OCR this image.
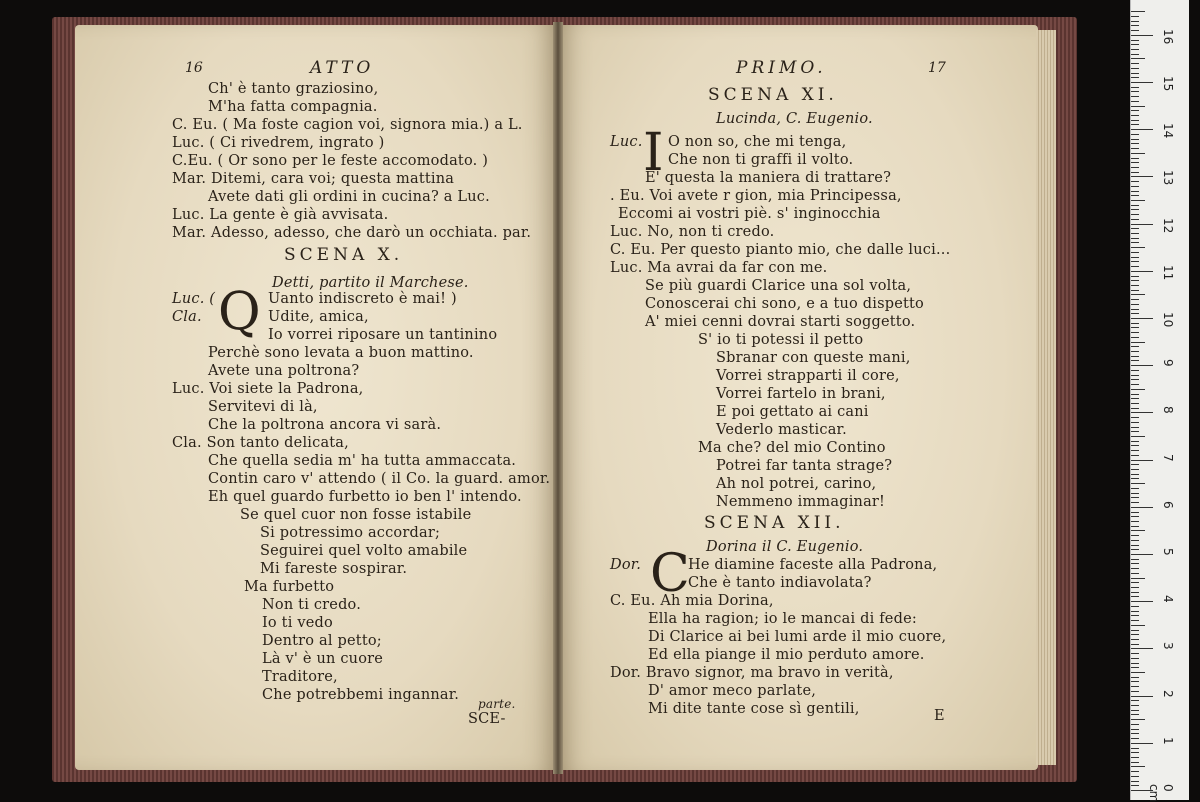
16	ATTO
Ch' è tanto graziosino,
M'ha fatta compagnia.
C. Eu. ( Ma foste cagion voi, signora mia.) a L.
Luc. ( Ci rivedrem, ingrato )
C.Eu. ( Or sono per le feste accomodato. )
Mar. Ditemi, cara voi; questa mattina
Avete dati gli ordini in cucina? a Luc.
Luc. La gente è già avvisata.
Mar. Adesso, adesso, che darò un occhiata. par.
SCENA X.
Detti, partito il Marchese.
Luc. ( Q Uanto indiscreto è mai! )
Cla.	Udite, amica,
Io vorrei riposare un tantinino
Perchè sono levata a buon mattino.
Avete una poltrona?
Luc. Voi siete la Padrona,
Servitevi di là,
Che la poltrona ancora vi sarà.
Cla. Son tanto delicata,
Che quella sedia m' ha tutta ammaccata.
Contin caro v' attendo ( il Co. la guard. amor.
Eh quel guardo furbetto io ben l' intendo.
Se quel cuor non fosse istabile
Si potressimo accordar;
Seguirei quel volto amabile
Mi fareste sospirar.
Ma furbetto
Non ti credo.
Io ti vedo
Dentro al petto;
Là v' è un cuore
Traditore,
Che potrebbemi ingannar.
parte.
SCE-
PRIMO.	17
SCENA XI.
Lucinda, C. Eugenio.
Luc. I O non so, che mi tenga,
Che non ti graffi il volto.
E' questa la maniera di trattare?
. Eu. Voi avete r gion, mia Principessa,
Eccomi ai vostri piè. s' inginocchia
Luc. No, non ti credo.
C. Eu. Per questo pianto mio, che dalle luci...
Luc. Ma avrai da far con me.
Se più guardi Clarice una sol volta,
Conoscerai chi sono, e a tuo dispetto
A' miei cenni dovrai starti soggetto.
S' io ti potessi il petto
Sbranar con queste mani,
Vorrei strapparti il core,
Vorrei fartelo in brani,
E poi gettato ai cani
Vederlo masticar.
Ma che? del mio Contino
Potrei far tanta strage?
Ah nol potrei, carino,
Nemmeno immaginar!
SCENA XII.
Dorina il C. Eugenio.
Dor. C
He diamine faceste alla Padrona,
Che è tanto indiavolata?
C. Eu. Ah mia Dorina,
Ella ha ragion; io le mancai di fede:
Di Clarice ai bei lumi arde il mio cuore,
Ed ella piange il mio perduto amore.
Dor. Bravo signor, ma bravo in verità,
D' amor meco parlate,
Mi dite tante cose sì gentili,	E
0 cm
1
2
3
4
5
6
7
8
9
10
11
12
13
14
15
16
